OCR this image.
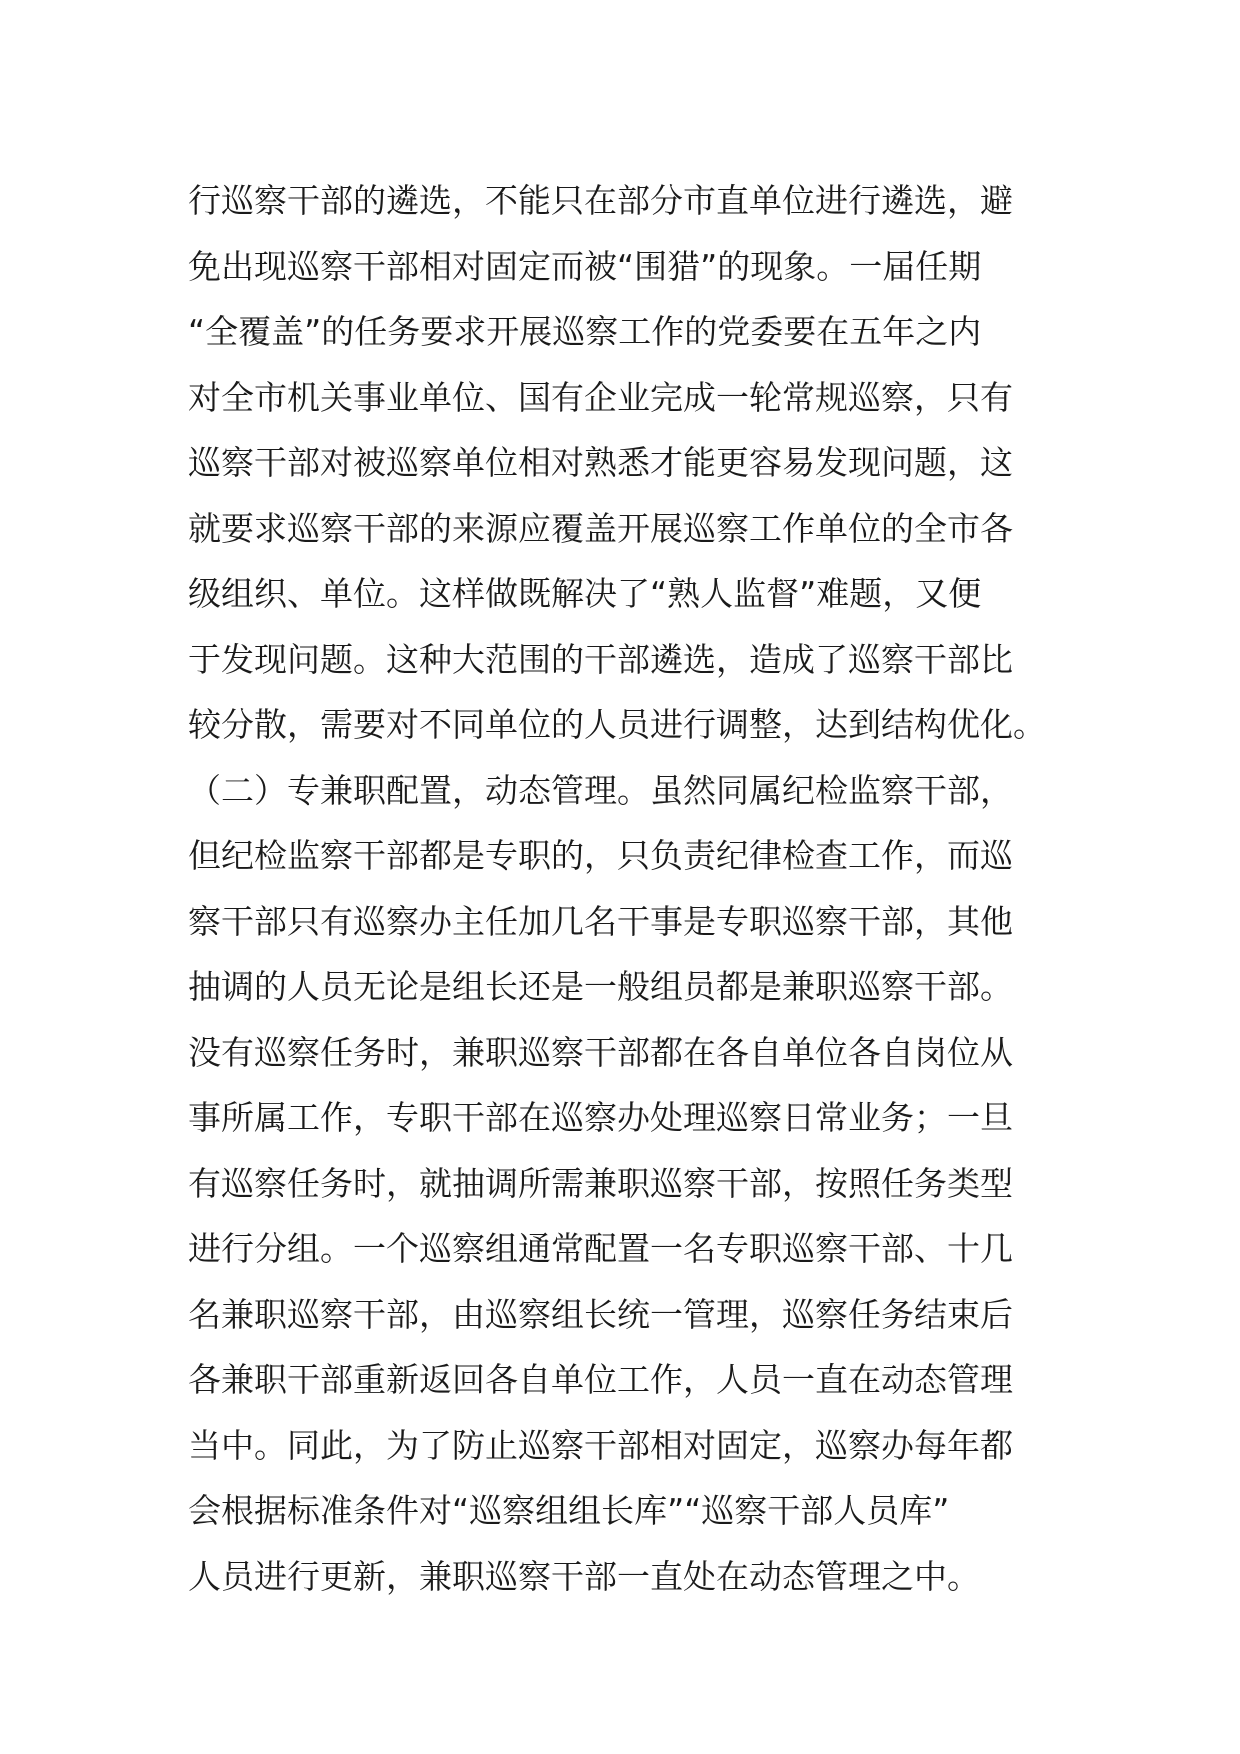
行巡察干部的遴选，不能只在部分市直单位进行遴选，避
免出现巡察干部相对固定而被“围猎”的现象。一届任期
“全覆盖”的任务要求开展巡察工作的党委要在五年之内
对全市机关事业单位、国有企业完成一轮常规巡察，只有
巡察干部对被巡察单位相对熟悉才能更容易发现问题，这
就要求巡察干部的来源应覆盖开展巡察工作单位的全市各
级组织、单位。这样做既解决了“熟人监督”难题，又便
于发现问题。这种大范围的干部遴选，造成了巡察干部比
较分散，需要对不同单位的人员进行调整，达到结构优化。
（二）专兼职配置，动态管理。虽然同属纪检监察干部，
但纪检监察干部都是专职的，只负责纪律检查工作，而巡
察干部只有巡察办主任加几名干事是专职巡察干部，其他
抽调的人员无论是组长还是一般组员都是兼职巡察干部。
没有巡察任务时，兼职巡察干部都在各自单位各自岗位从
事所属工作，专职干部在巡察办处理巡察日常业务；一旦
有巡察任务时，就抽调所需兼职巡察干部，按照任务类型
进行分组。一个巡察组通常配置一名专职巡察干部、十几
名兼职巡察干部，由巡察组长统一管理，巡察任务结束后
各兼职干部重新返回各自单位工作，人员一直在动态管理
当中。同此，为了防止巡察干部相对固定，巡察办每年都
会根据标准条件对“巡察组组长库”“巡察干部人员库”
人员进行更新，兼职巡察干部一直处在动态管理之中。
